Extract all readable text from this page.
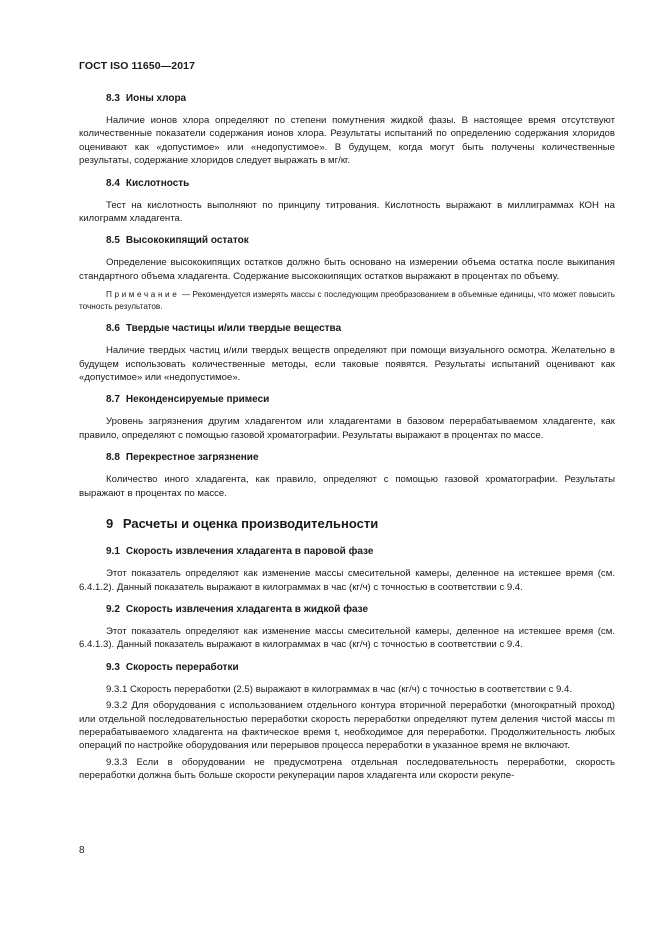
ГОСТ ISO 11650—2017
8.3 Ионы хлора

Наличие ионов хлора определяют по степени помутнения жидкой фазы. В настоящее время отсутствуют количественные показатели содержания ионов хлора. Результаты испытаний по определению содержания хлоридов оценивают как «допустимое» или «недопустимое». В будущем, когда могут быть получены количественные результаты, содержание хлоридов следует выражать в мг/кг.

8.4 Кислотность

Тест на кислотность выполняют по принципу титрования. Кислотность выражают в миллиграммах КОН на килограмм хладагента.

8.5 Высококипящий остаток

Определение высококипящих остатков должно быть основано на измерении объема остатка после выкипания стандартного объема хладагента. Содержание высококипящих остатков выражают в процентах по объему.

Примечание — Рекомендуется измерять массы с последующим преобразованием в объемные единицы, что может повысить точность результатов.

8.6 Твердые частицы и/или твердые вещества

Наличие твердых частиц и/или твердых веществ определяют при помощи визуального осмотра. Желательно в будущем использовать количественные методы, если таковые появятся. Результаты испытаний оценивают как «допустимое» или «недопустимое».

8.7 Неконденсируемые примеси

Уровень загрязнения другим хладагентом или хладагентами в базовом перерабатываемом хладагенте, как правило, определяют с помощью газовой хроматографии. Результаты выражают в процентах по массе.

8.8 Перекрестное загрязнение

Количество иного хладагента, как правило, определяют с помощью газовой хроматографии. Результаты выражают в процентах по массе.

9 Расчеты и оценка производительности
9.1 Скорость извлечения хладагента в паровой фазе

Этот показатель определяют как изменение массы смесительной камеры, деленное на истекшее время (см. 6.4.1.2). Данный показатель выражают в килограммах в час (кг/ч) с точностью в соответствии с 9.4.

9.2 Скорость извлечения хладагента в жидкой фазе

Этот показатель определяют как изменение массы смесительной камеры, деленное на истекшее время (см. 6.4.1.3). Данный показатель выражают в килограммах в час (кг/ч) с точностью в соответствии с 9.4.

9.3 Скорость переработки

9.3.1 Скорость переработки (2.5) выражают в килограммах в час (кг/ч) с точностью в соответствии с 9.4.

9.3.2 Для оборудования с использованием отдельного контура вторичной переработки (многократный проход) или отдельной последовательностью переработки скорость переработки определяют путем деления чистой массы m перерабатываемого хладагента на фактическое время t, необходимое для переработки. Продолжительность любых операций по настройке оборудования или перерывов процесса переработки в указанное время не включают.

9.3.3 Если в оборудовании не предусмотрена отдельная последовательность переработки, скорость переработки должна быть больше скорости рекуперации паров хладагента или скорости рекупе-

8
